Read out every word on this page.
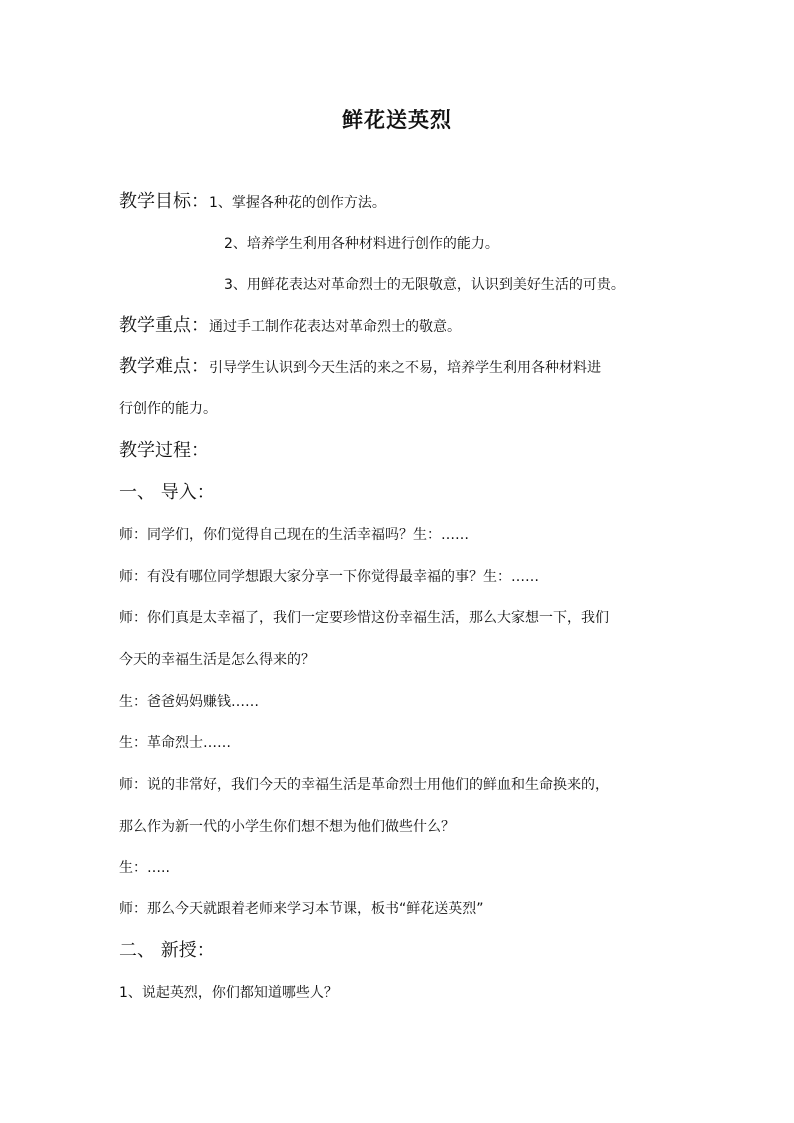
鲜花送英烈
教学目标：1、掌握各种花的创作方法。
2、培养学生利用各种材料进行创作的能力。
3、用鲜花表达对革命烈士的无限敬意，认识到美好生活的可贵。
教学重点：通过手工制作花表达对革命烈士的敬意。
教学难点：引导学生认识到今天生活的来之不易，培养学生利用各种材料进
行创作的能力。
教学过程：
一、 导入：
师：同学们，你们觉得自己现在的生活幸福吗？生：……
师：有没有哪位同学想跟大家分享一下你觉得最幸福的事？生：……
师：你们真是太幸福了，我们一定要珍惜这份幸福生活，那么大家想一下，我们
今天的幸福生活是怎么得来的？
生：爸爸妈妈赚钱……
生：革命烈士……
师：说的非常好，我们今天的幸福生活是革命烈士用他们的鲜血和生命换来的，
那么作为新一代的小学生你们想不想为他们做些什么？
生：…..
师：那么今天就跟着老师来学习本节课，板书“鲜花送英烈”
二、 新授：
1、说起英烈，你们都知道哪些人？
